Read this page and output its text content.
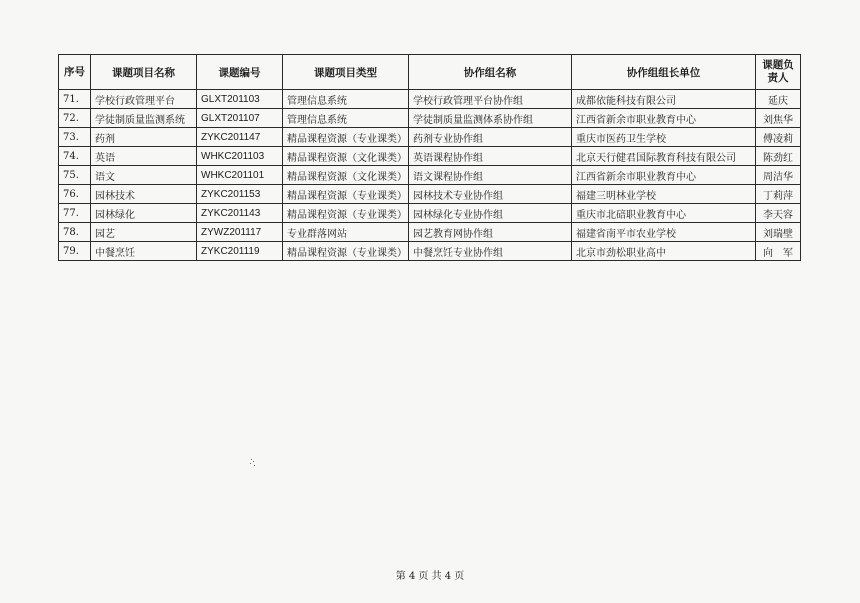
序号	课题项目名称	课题编号	课题项目类型	协作组名称	协作组组长单位	课题负责人
71.	学校行政管理平台	GLXT201103	管理信息系统	学校行政管理平台协作组	成都依能科技有限公司	延庆
72.	学徒制质量监测系统	GLXT201107	管理信息系统	学徒制质量监测体系协作组	江西省新余市职业教育中心	刘焦华
73.	药剂	ZYKC201147	精品课程资源（专业课类）	药剂专业协作组	重庆市医药卫生学校	傅凌莉
74.	英语	WHKC201103	精品课程资源（文化课类）	英语课程协作组	北京天行健君国际教育科技有限公司	陈劲红
75.	语文	WHKC201101	精品课程资源（文化课类）	语文课程协作组	江西省新余市职业教育中心	周洁华
76.	园林技术	ZYKC201153	精品课程资源（专业课类）	园林技术专业协作组	福建三明林业学校	丁莉萍
77.	园林绿化	ZYKC201143	精品课程资源（专业课类）	园林绿化专业协作组	重庆市北碚职业教育中心	李天容
78.	园艺	ZYWZ201117	专业群落网站	园艺教育网协作组	福建省南平市农业学校	刘瑞壁
79.	中餐烹饪	ZYKC201119	精品课程资源（专业课类）	中餐烹饪专业协作组	北京市劲松职业高中	向　军
第 4 页 共 4 页
